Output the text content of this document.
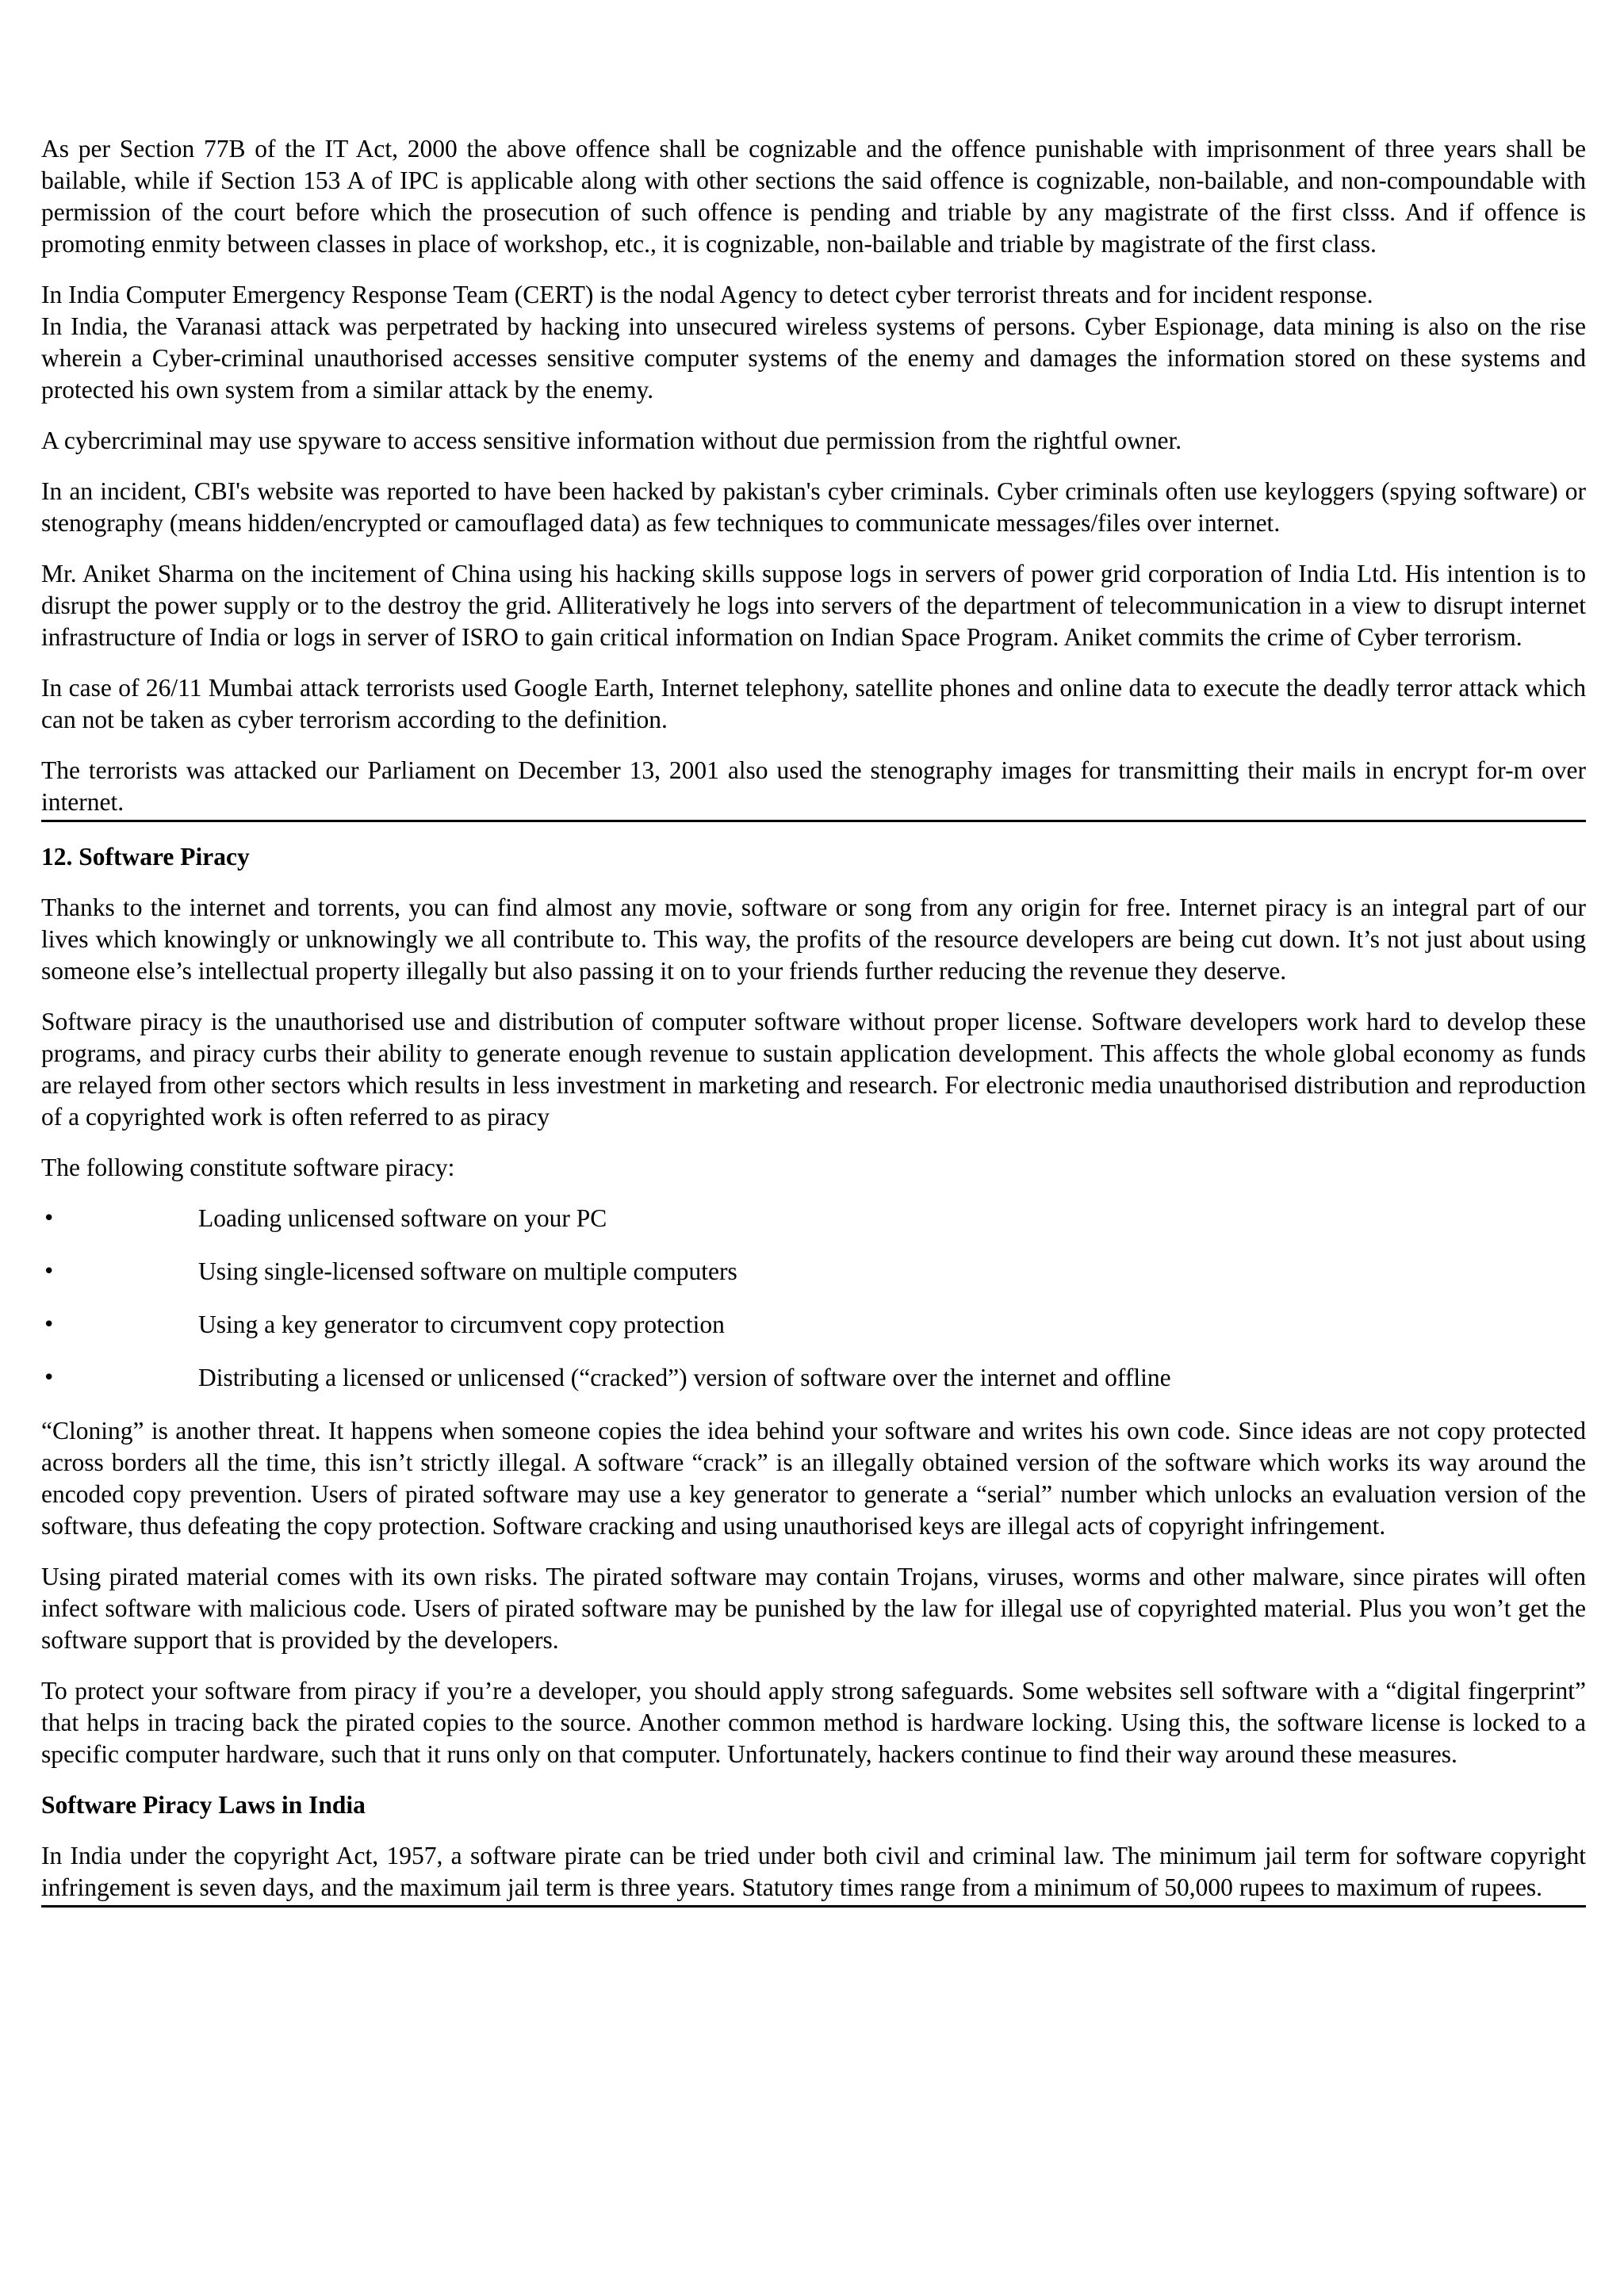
As per Section 77B of the IT Act, 2000 the above offence shall be cognizable and the offence punishable with imprisonment of three years shall be bailable, while if Section 153 A of IPC is applicable along with other sections the said offence is cognizable, non-bailable, and non-compoundable with permission of the court before which the prosecution of such offence is pending and triable by any magistrate of the first clsss. And if offence is promoting enmity between classes in place of workshop, etc., it is cognizable, non-bailable and triable by magistrate of the first class.

In India Computer Emergency Response Team (CERT) is the nodal Agency to detect cyber terrorist threats and for incident response.

In India, the Varanasi attack was perpetrated by hacking into unsecured wireless systems of persons. Cyber Espionage, data mining is also on the rise wherein a Cyber-criminal unauthorised accesses sensitive computer systems of the enemy and damages the information stored on these systems and protected his own system from a similar attack by the enemy.

A cybercriminal may use spyware to access sensitive information without due permission from the rightful owner.

In an incident, CBI's website was reported to have been hacked by pakistan's cyber criminals. Cyber criminals often use keyloggers (spying software) or stenography (means hidden/encrypted or camouflaged data) as few techniques to communicate messages/files over internet.

Mr. Aniket Sharma on the incitement of China using his hacking skills suppose logs in servers of power grid corporation of India Ltd. His intention is to disrupt the power supply or to the destroy the grid. Alliteratively he logs into servers of the department of telecommunication in a view to disrupt internet infrastructure of India or logs in server of ISRO to gain critical information on Indian Space Program. Aniket commits the crime of Cyber terrorism.

In case of 26/11 Mumbai attack terrorists used Google Earth, Internet telephony, satellite phones and online data to execute the deadly terror attack which can not be taken as cyber terrorism according to the definition.

The terrorists was attacked our Parliament on December 13, 2001 also used the stenography images for transmitting their mails in encrypt for-m over internet.

12. Software Piracy

Thanks to the internet and torrents, you can find almost any movie, software or song from any origin for free. Internet piracy is an integral part of our lives which knowingly or unknowingly we all contribute to. This way, the profits of the resource developers are being cut down. It’s not just about using someone else’s intellectual property illegally but also passing it on to your friends further reducing the revenue they deserve.

Software piracy is the unauthorised use and distribution of computer software without proper license. Software developers work hard to develop these programs, and piracy curbs their ability to generate enough revenue to sustain application development. This affects the whole global economy as funds are relayed from other sectors which results in less investment in marketing and research. For electronic media unauthorised distribution and reproduction of a copyrighted work is often referred to as piracy

The following constitute software piracy:

•	Loading unlicensed software on your PC
•	Using single-licensed software on multiple computers
•	Using a key generator to circumvent copy protection
•	Distributing a licensed or unlicensed (“cracked”) version of software over the internet and offline

“Cloning” is another threat. It happens when someone copies the idea behind your software and writes his own code. Since ideas are not copy protected across borders all the time, this isn’t strictly illegal. A software “crack” is an illegally obtained version of the software which works its way around the encoded copy prevention. Users of pirated software may use a key generator to generate a “serial” number which unlocks an evaluation version of the software, thus defeating the copy protection. Software cracking and using unauthorised keys are illegal acts of copyright infringement.

Using pirated material comes with its own risks. The pirated software may contain Trojans, viruses, worms and other malware, since pirates will often infect software with malicious code. Users of pirated software may be punished by the law for illegal use of copyrighted material. Plus you won’t get the software support that is provided by the developers.

To protect your software from piracy if you’re a developer, you should apply strong safeguards. Some websites sell software with a “digital fingerprint” that helps in tracing back the pirated copies to the source. Another common method is hardware locking. Using this, the software license is locked to a specific computer hardware, such that it runs only on that computer. Unfortunately, hackers continue to find their way around these measures.

Software Piracy Laws in India

In India under the copyright Act, 1957, a software pirate can be tried under both civil and criminal law. The minimum jail term for software copyright infringement is seven days, and the maximum jail term is three years. Statutory times range from a minimum of 50,000 rupees to maximum of rupees.
